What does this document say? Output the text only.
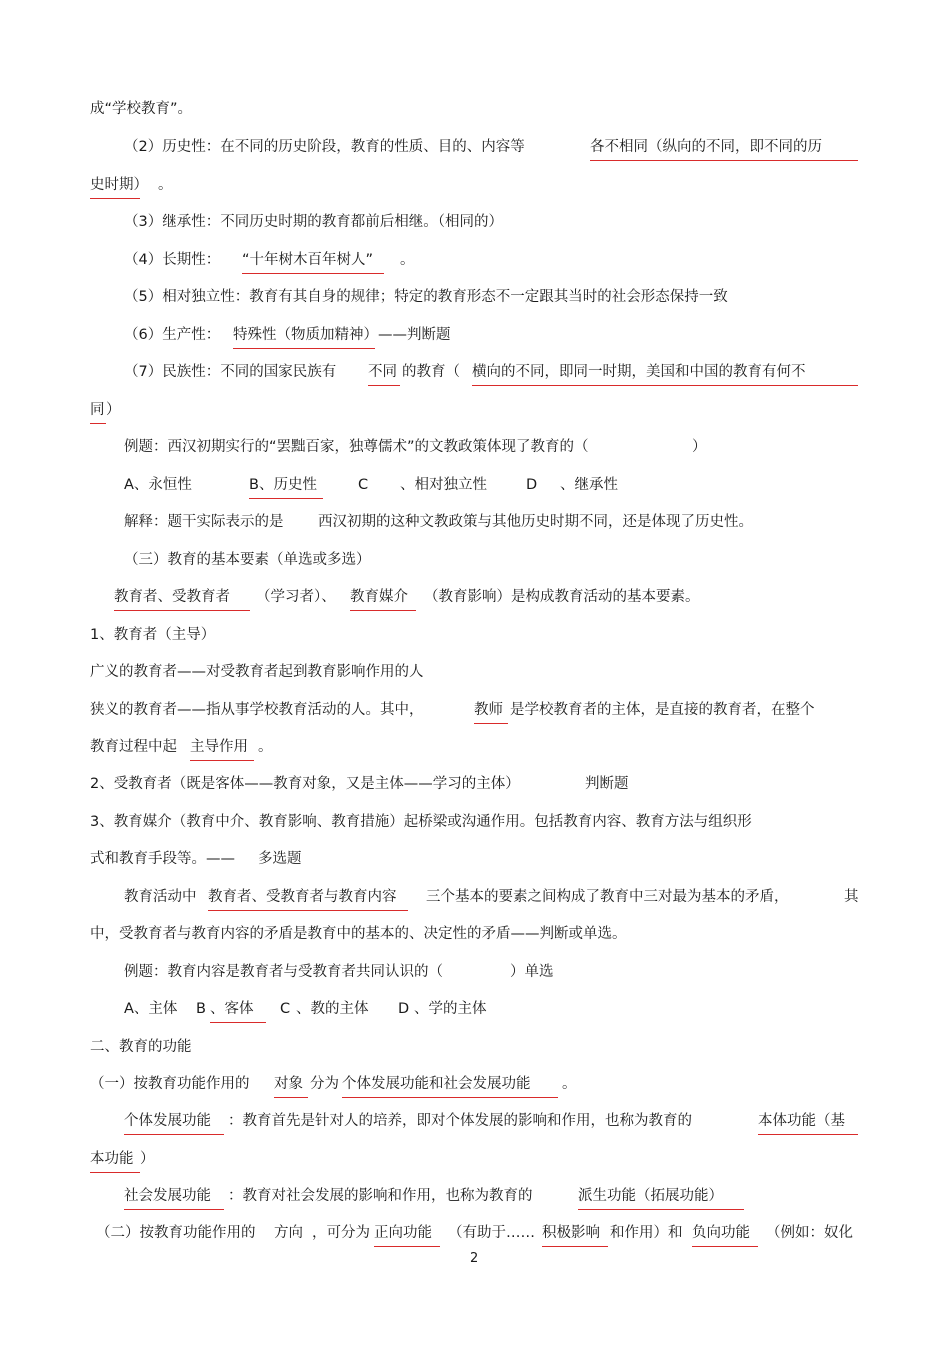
成“学校教育”。
（2）历史性：在不同的历史阶段，教育的性质、目的、内容等	各不相同（纵向的不同，即不同的历
史时期） 。
（3）继承性：不同历史时期的教育都前后相继。（相同的）
（4）长期性： “十年树木百年树人”	。
（5）相对独立性：教育有其自身的规律；特定的教育形态不一定跟其当时的社会形态保持一致
（6）生产性： 特殊性（物质加精神）——判断题
（7）民族性：不同的国家民族有 不同 的教育（ 横向的不同，即同一时期，美国和中国的教育有何不
同 ）
例题：西汉初期实行的“罢黜百家，独尊儒术”的文教政策体现了教育的（	）
A、永恒性	B、历史性	C 、相对独立性	D 、继承性
解释：题干实际表示的是 西汉初期的这种文教政策与其他历史时期不同，还是体现了历史性。
（三）教育的基本要素（单选或多选）
教育者、受教育者	（学习者）、 教育媒介	（教育影响）是构成教育活动的基本要素。
1、教育者（主导）
广义的教育者——对受教育者起到教育影响作用的人
狭义的教育者——指从事学校教育活动的人。其中，	教师 是学校教育者的主体，是直接的教育者，在整个
教育过程中起 主导作用 。
2、受教育者（既是客体——教育对象，又是主体——学习的主体）	判断题
3、教育媒介（教育中介、教育影响、教育措施）起桥梁或沟通作用。包括教育内容、教育方法与组织形
式和教育手段等。—— 多选题
教育活动中 教育者、受教育者与教育内容	三个基本的要素之间构成了教育中三对最为基本的矛盾，	其
中，受教育者与教育内容的矛盾是教育中的基本的、决定性的矛盾——判断或单选。
例题：教育内容是教育者与受教育者共同认识的（	）单选
A、主体 B 、客体	C 、教的主体 D 、学的主体
二、教育的功能
（一）按教育功能作用的 对象 分为 个体发展功能和社会发展功能	。
个体发展功能	：教育首先是针对人的培养，即对个体发展的影响和作用，也称为教育的	本体功能（基
本功能 ）
社会发展功能	：教育对社会发展的影响和作用，也称为教育的	派生功能（拓展功能）
（二）按教育功能作用的 方向 ，可分为 正向功能	（有助于…… 积极影响 和作用）和 负向功能	（例如：奴化
2
